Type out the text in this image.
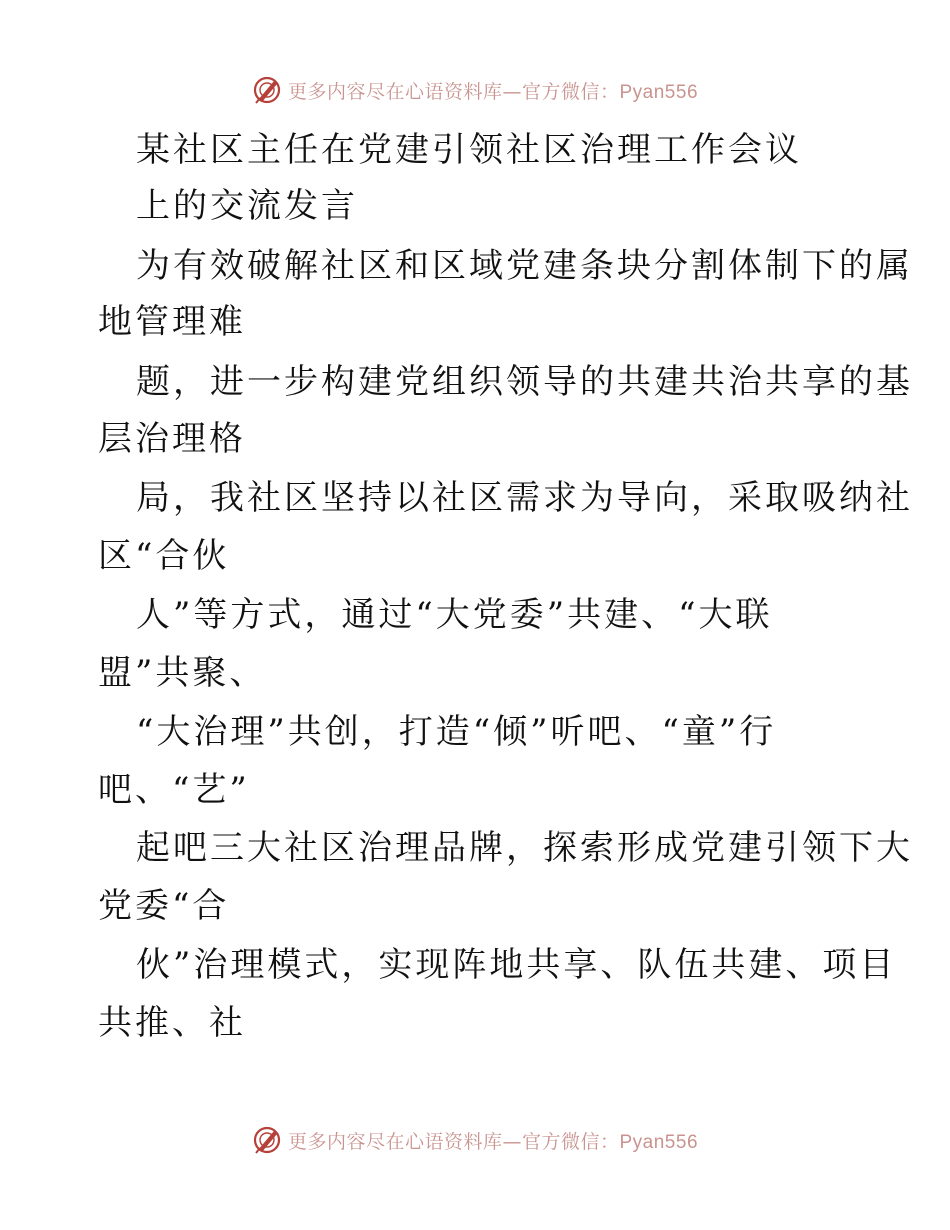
更多内容尽在心语资料库—官方微信：Pyan556
某社区主任在党建引领社区治理工作会议
上的交流发言
为有效破解社区和区域党建条块分割体制下的属
地管理难
题，进一步构建党组织领导的共建共治共享的基
层治理格
局，我社区坚持以社区需求为导向，采取吸纳社
区“合伙
人”等方式，通过“大党委”共建、“大联
盟”共聚、
“大治理”共创，打造“倾”听吧、“童”行
吧、“艺”
起吧三大社区治理品牌，探索形成党建引领下大
党委“合
伙”治理模式，实现阵地共享、队伍共建、项目
共推、社
更多内容尽在心语资料库—官方微信：Pyan556
